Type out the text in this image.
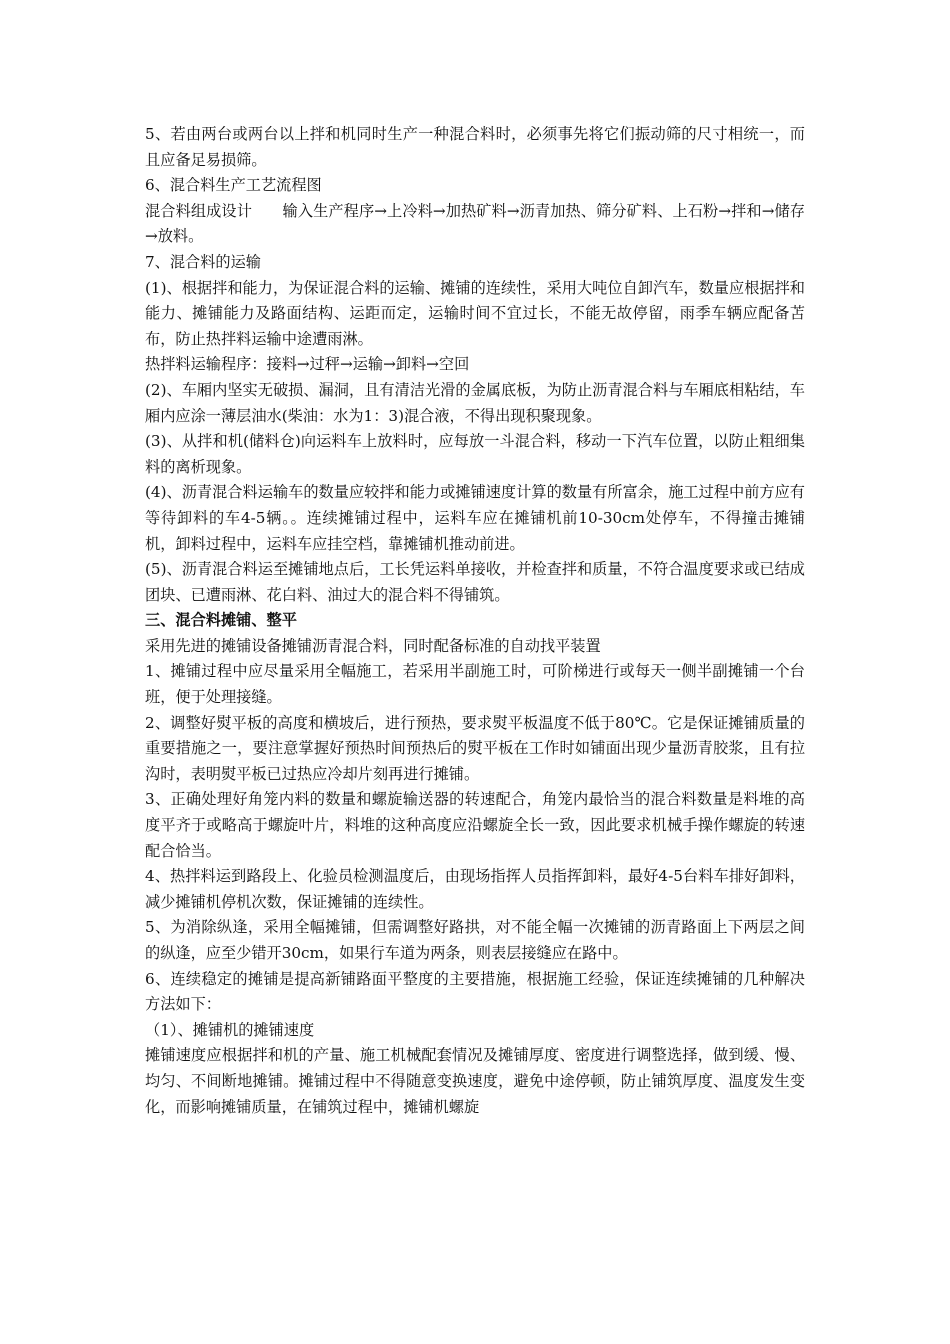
5、若由两台或两台以上拌和机同时生产一种混合料时，必须事先将它们振动筛的尺寸相统一，而且应备足易损筛。

6、混合料生产工艺流程图

混合料组成设计　　输入生产程序→上冷料→加热矿料→沥青加热、筛分矿料、上石粉→拌和→储存→放料。

7、混合料的运输

(1)、根据拌和能力，为保证混合料的运输、摊铺的连续性，采用大吨位自卸汽车，数量应根据拌和能力、摊铺能力及路面结构、运距而定，运输时间不宜过长，不能无故停留，雨季车辆应配备苫布，防止热拌料运输中途遭雨淋。

热拌料运输程序：接料→过秤→运输→卸料→空回

(2)、车厢内坚实无破损、漏洞，且有清洁光滑的金属底板，为防止沥青混合料与车厢底相粘结，车厢内应涂一薄层油水(柴油：水为1：3)混合液，不得出现积聚现象。

(3)、从拌和机(储料仓)向运料车上放料时，应每放一斗混合料，移动一下汽车位置，以防止粗细集料的离析现象。

(4)、沥青混合料运输车的数量应较拌和能力或摊铺速度计算的数量有所富余，施工过程中前方应有等待卸料的车4-5辆。。连续摊铺过程中，运料车应在摊铺机前10-30cm处停车，不得撞击摊铺机，卸料过程中，运料车应挂空档，靠摊铺机推动前进。

(5)、沥青混合料运至摊铺地点后，工长凭运料单接收，并检查拌和质量，不符合温度要求或已结成团块、已遭雨淋、花白料、油过大的混合料不得铺筑。

三、混合料摊铺、整平

采用先进的摊铺设备摊铺沥青混合料，同时配备标准的自动找平装置

1、摊铺过程中应尽量采用全幅施工，若采用半副施工时，可阶梯进行或每天一侧半副摊铺一个台班，便于处理接缝。

2、调整好熨平板的高度和横坡后，进行预热，要求熨平板温度不低于80℃。它是保证摊铺质量的重要措施之一，要注意掌握好预热时间预热后的熨平板在工作时如铺面出现少量沥青胶浆，且有拉沟时，表明熨平板已过热应冷却片刻再进行摊铺。

3、正确处理好角笼内料的数量和螺旋输送器的转速配合，角笼内最恰当的混合料数量是料堆的高度平齐于或略高于螺旋叶片，料堆的这种高度应沿螺旋全长一致，因此要求机械手操作螺旋的转速配合恰当。

4、热拌料运到路段上、化验员检测温度后，由现场指挥人员指挥卸料，最好4-5台料车排好卸料，减少摊铺机停机次数，保证摊铺的连续性。

5、为消除纵逢，采用全幅摊铺，但需调整好路拱，对不能全幅一次摊铺的沥青路面上下两层之间的纵逢，应至少错开30cm，如果行车道为两条，则表层接缝应在路中。

6、连续稳定的摊铺是提高新铺路面平整度的主要措施，根据施工经验，保证连续摊铺的几种解决方法如下：

（1）、摊铺机的摊铺速度

摊铺速度应根据拌和机的产量、施工机械配套情况及摊铺厚度、密度进行调整选择，做到缓、慢、均匀、不间断地摊铺。摊铺过程中不得随意变换速度，避免中途停顿，防止铺筑厚度、温度发生变化，而影响摊铺质量，在铺筑过程中，摊铺机螺旋
